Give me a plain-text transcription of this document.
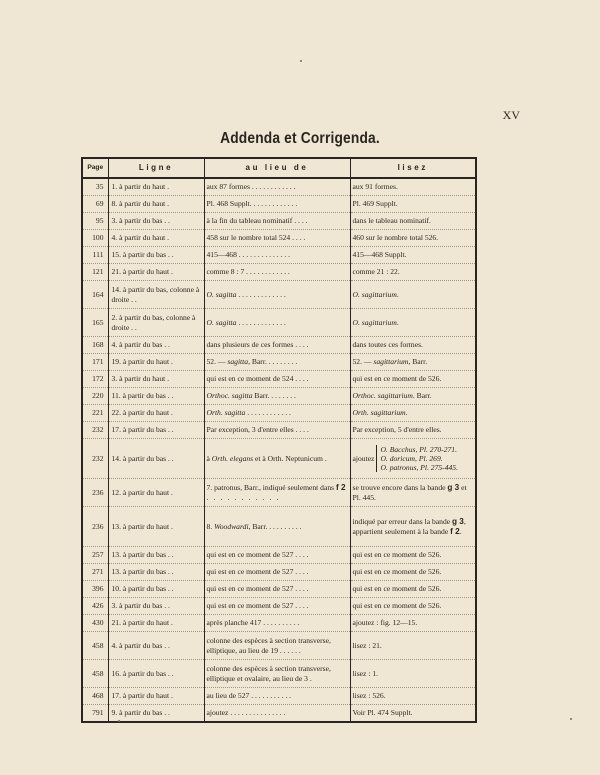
XV
Addenda et Corrigenda.
Page	Ligne	au lieu de	lisez
35	1. à partir du haut .	aux 87 formes . . . . . . . . . . . .	aux 91 formes.
69	8. à partir du haut .	Pl. 468 Supplt. . . . . . . . . . . . .	Pl. 469 Supplt.
95	3. à partir du bas . .	à la fin du tableau nominatif . . . .	dans le tableau nominatif.
100	4. à partir du haut .	458 sur le nombre total 524 . . . .	460 sur le nombre total 526.
111	15. à partir du bas . .	415—468 . . . . . . . . . . . . . .	415—468 Supplt.
121	21. à partir du haut .	comme 8 : 7 . . . . . . . . . . . .	comme 21 : 22.
164	14. à partir du bas, colonne à droite . .	O. sagitta . . . . . . . . . . . . .	O. sagittarium.
165	2. à partir du bas, colonne à droite . .	O. sagitta . . . . . . . . . . . . .	O. sagittarium.
168	4. à partir du bas . .	dans plusieurs de ces formes . . . .	dans toutes ces formes.
171	19. à partir du haut .	52. — sagitta, Barr. . . . . . . . .	52. — sagittarium, Barr.
172	3. à partir du haut .	qui est en ce moment de 524 . . . .	qui est en ce moment de 526.
220	11. à partir du bas . .	Orthoc. sagitta Barr. . . . . . . .	Orthoc. sagittarium. Barr.
221	22. à partir du haut .	Orth. sagitta . . . . . . . . . . . .	Orth. sagittarium.
232	17. à partir du bas . .	Par exception, 3 d'entre elles . . . .	Par exception, 5 d'entre elles.
232	14. à partir du bas . .	à Orth. elegans et à Orth. Neptunicum .	ajoutez
O. Bacchus, Pl. 270-271.
O. doricum, Pl. 269.
O. patronus, Pl. 275-445.

236	12. à partir du haut .	7. patronus, Barr., indiqué seulement dans f 2 . . . . . . . . . . .	se trouve encore dans la bande g 3 et Pl. 445.
236	13. à partir du haut .	8. Woodwardi, Barr. . . . . . . . . .	indiqué par erreur dans la bande g 3, appartient seulement à la bande f 2.
257	13. à partir du bas . .	qui est en ce moment de 527 . . . .	qui est en ce moment de 526.
271	13. à partir du bas . .	qui est en ce moment de 527 . . . .	qui est en ce moment de 526.
396	10. à partir du bas . .	qui est en ce moment de 527 . . . .	qui est en ce moment de 526.
426	3. à partir du bas . .	qui est en ce moment de 527 . . . .	qui est en ce moment de 526.
430	21. à partir du haut .	après planche 417 . . . . . . . . . .	ajoutez : fig. 12—15.
458	4. à partir du bas . .	colonne des espèces à section transverse, elliptique, au lieu de 19 . . . . . .	lisez : 21.
458	16. à partir du bas . .	colonne des espèces à section transverse, elliptique et ovalaire, au lieu de 3 .	lisez : 1.
468	17. à partir du haut .	au lieu de 527 . . . . . . . . . . .	lisez : 526.
791	9. à partir du bas . .	ajoutez . . . . . . . . . . . . . . .	Voir Pl. 474 Supplt.
